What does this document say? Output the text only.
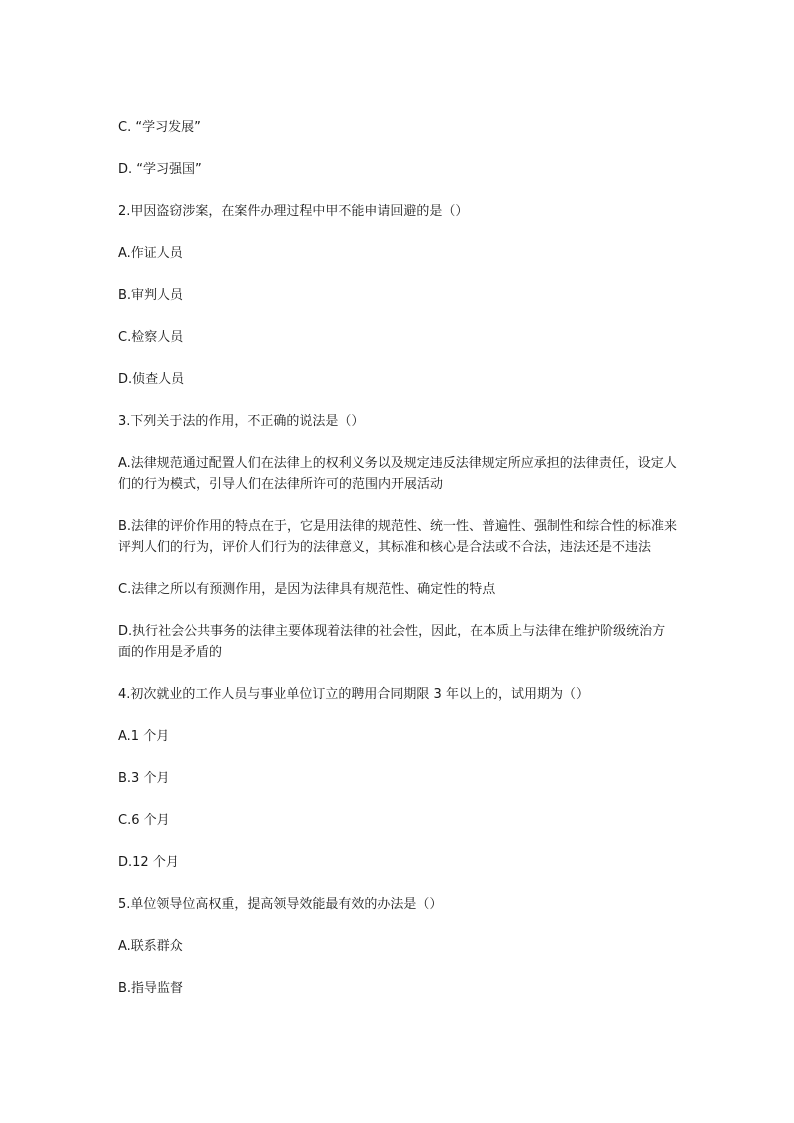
C. “学习发展”

D. “学习强国”

2.甲因盗窃涉案，在案件办理过程中甲不能申请回避的是（）

A.作证人员

B.审判人员

C.检察人员

D.侦查人员

3.下列关于法的作用，不正确的说法是（）

A.法律规范通过配置人们在法律上的权利义务以及规定违反法律规定所应承担的法律责任，设定人们的行为模式，引导人们在法律所许可的范围内开展活动

B.法律的评价作用的特点在于，它是用法律的规范性、统一性、普遍性、强制性和综合性的标准来评判人们的行为，评价人们行为的法律意义，其标准和核心是合法或不合法，违法还是不违法

C.法律之所以有预测作用，是因为法律具有规范性、确定性的特点

D.执行社会公共事务的法律主要体现着法律的社会性，因此，在本质上与法律在维护阶级统治方面的作用是矛盾的

4.初次就业的工作人员与事业单位订立的聘用合同期限 3 年以上的，试用期为（）

A.1 个月

B.3 个月

C.6 个月

D.12 个月

5.单位领导位高权重，提高领导效能最有效的办法是（）

A.联系群众

B.指导监督
